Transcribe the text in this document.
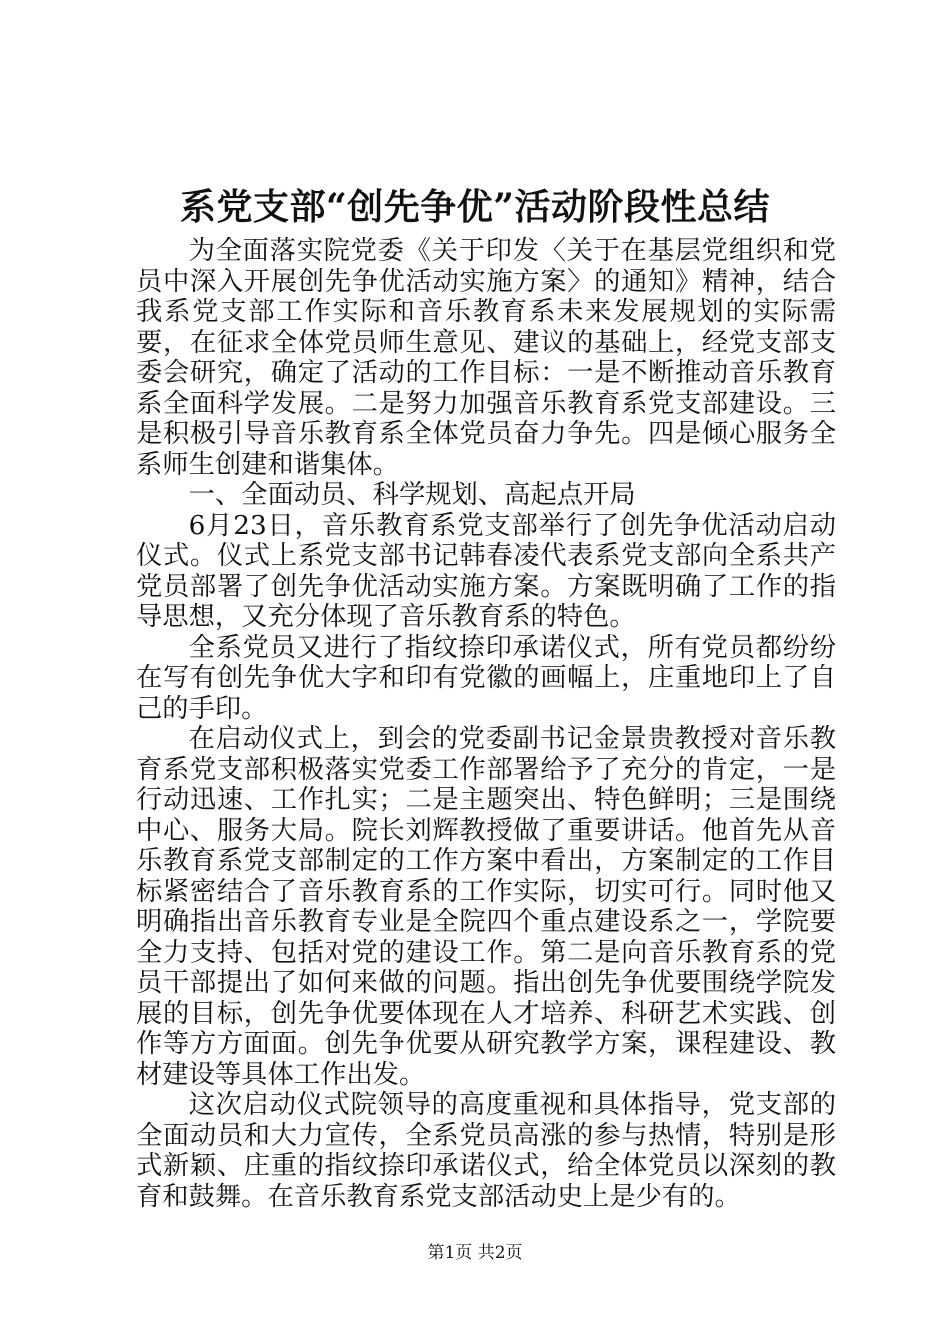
系党支部“创先争优”活动阶段性总结

为全面落实院党委《关于印发〈关于在基层党组织和党员中深入开展创先争优活动实施方案〉的通知》精神，结合我系党支部工作实际和音乐教育系未来发展规划的实际需要，在征求全体党员师生意见、建议的基础上，经党支部支委会研究，确定了活动的工作目标：一是不断推动音乐教育系全面科学发展。二是努力加强音乐教育系党支部建设。三是积极引导音乐教育系全体党员奋力争先。四是倾心服务全系师生创建和谐集体。

一、全面动员、科学规划、高起点开局

6月23日，音乐教育系党支部举行了创先争优活动启动仪式。仪式上系党支部书记韩春凌代表系党支部向全系共产党员部署了创先争优活动实施方案。方案既明确了工作的指导思想，又充分体现了音乐教育系的特色。

全系党员又进行了指纹捺印承诺仪式，所有党员都纷纷在写有创先争优大字和印有党徽的画幅上，庄重地印上了自己的手印。

在启动仪式上，到会的党委副书记金景贵教授对音乐教育系党支部积极落实党委工作部署给予了充分的肯定，一是行动迅速、工作扎实；二是主题突出、特色鲜明；三是围绕中心、服务大局。院长刘辉教授做了重要讲话。他首先从音乐教育系党支部制定的工作方案中看出，方案制定的工作目标紧密结合了音乐教育系的工作实际，切实可行。同时他又明确指出音乐教育专业是全院四个重点建设系之一，学院要全力支持、包括对党的建设工作。第二是向音乐教育系的党员干部提出了如何来做的问题。指出创先争优要围绕学院发展的目标，创先争优要体现在人才培养、科研艺术实践、创作等方方面面。创先争优要从研究教学方案，课程建设、教材建设等具体工作出发。

这次启动仪式院领导的高度重视和具体指导，党支部的全面动员和大力宣传，全系党员高涨的参与热情，特别是形式新颖、庄重的指纹捺印承诺仪式，给全体党员以深刻的教育和鼓舞。在音乐教育系党支部活动史上是少有的。

第1页 共2页
